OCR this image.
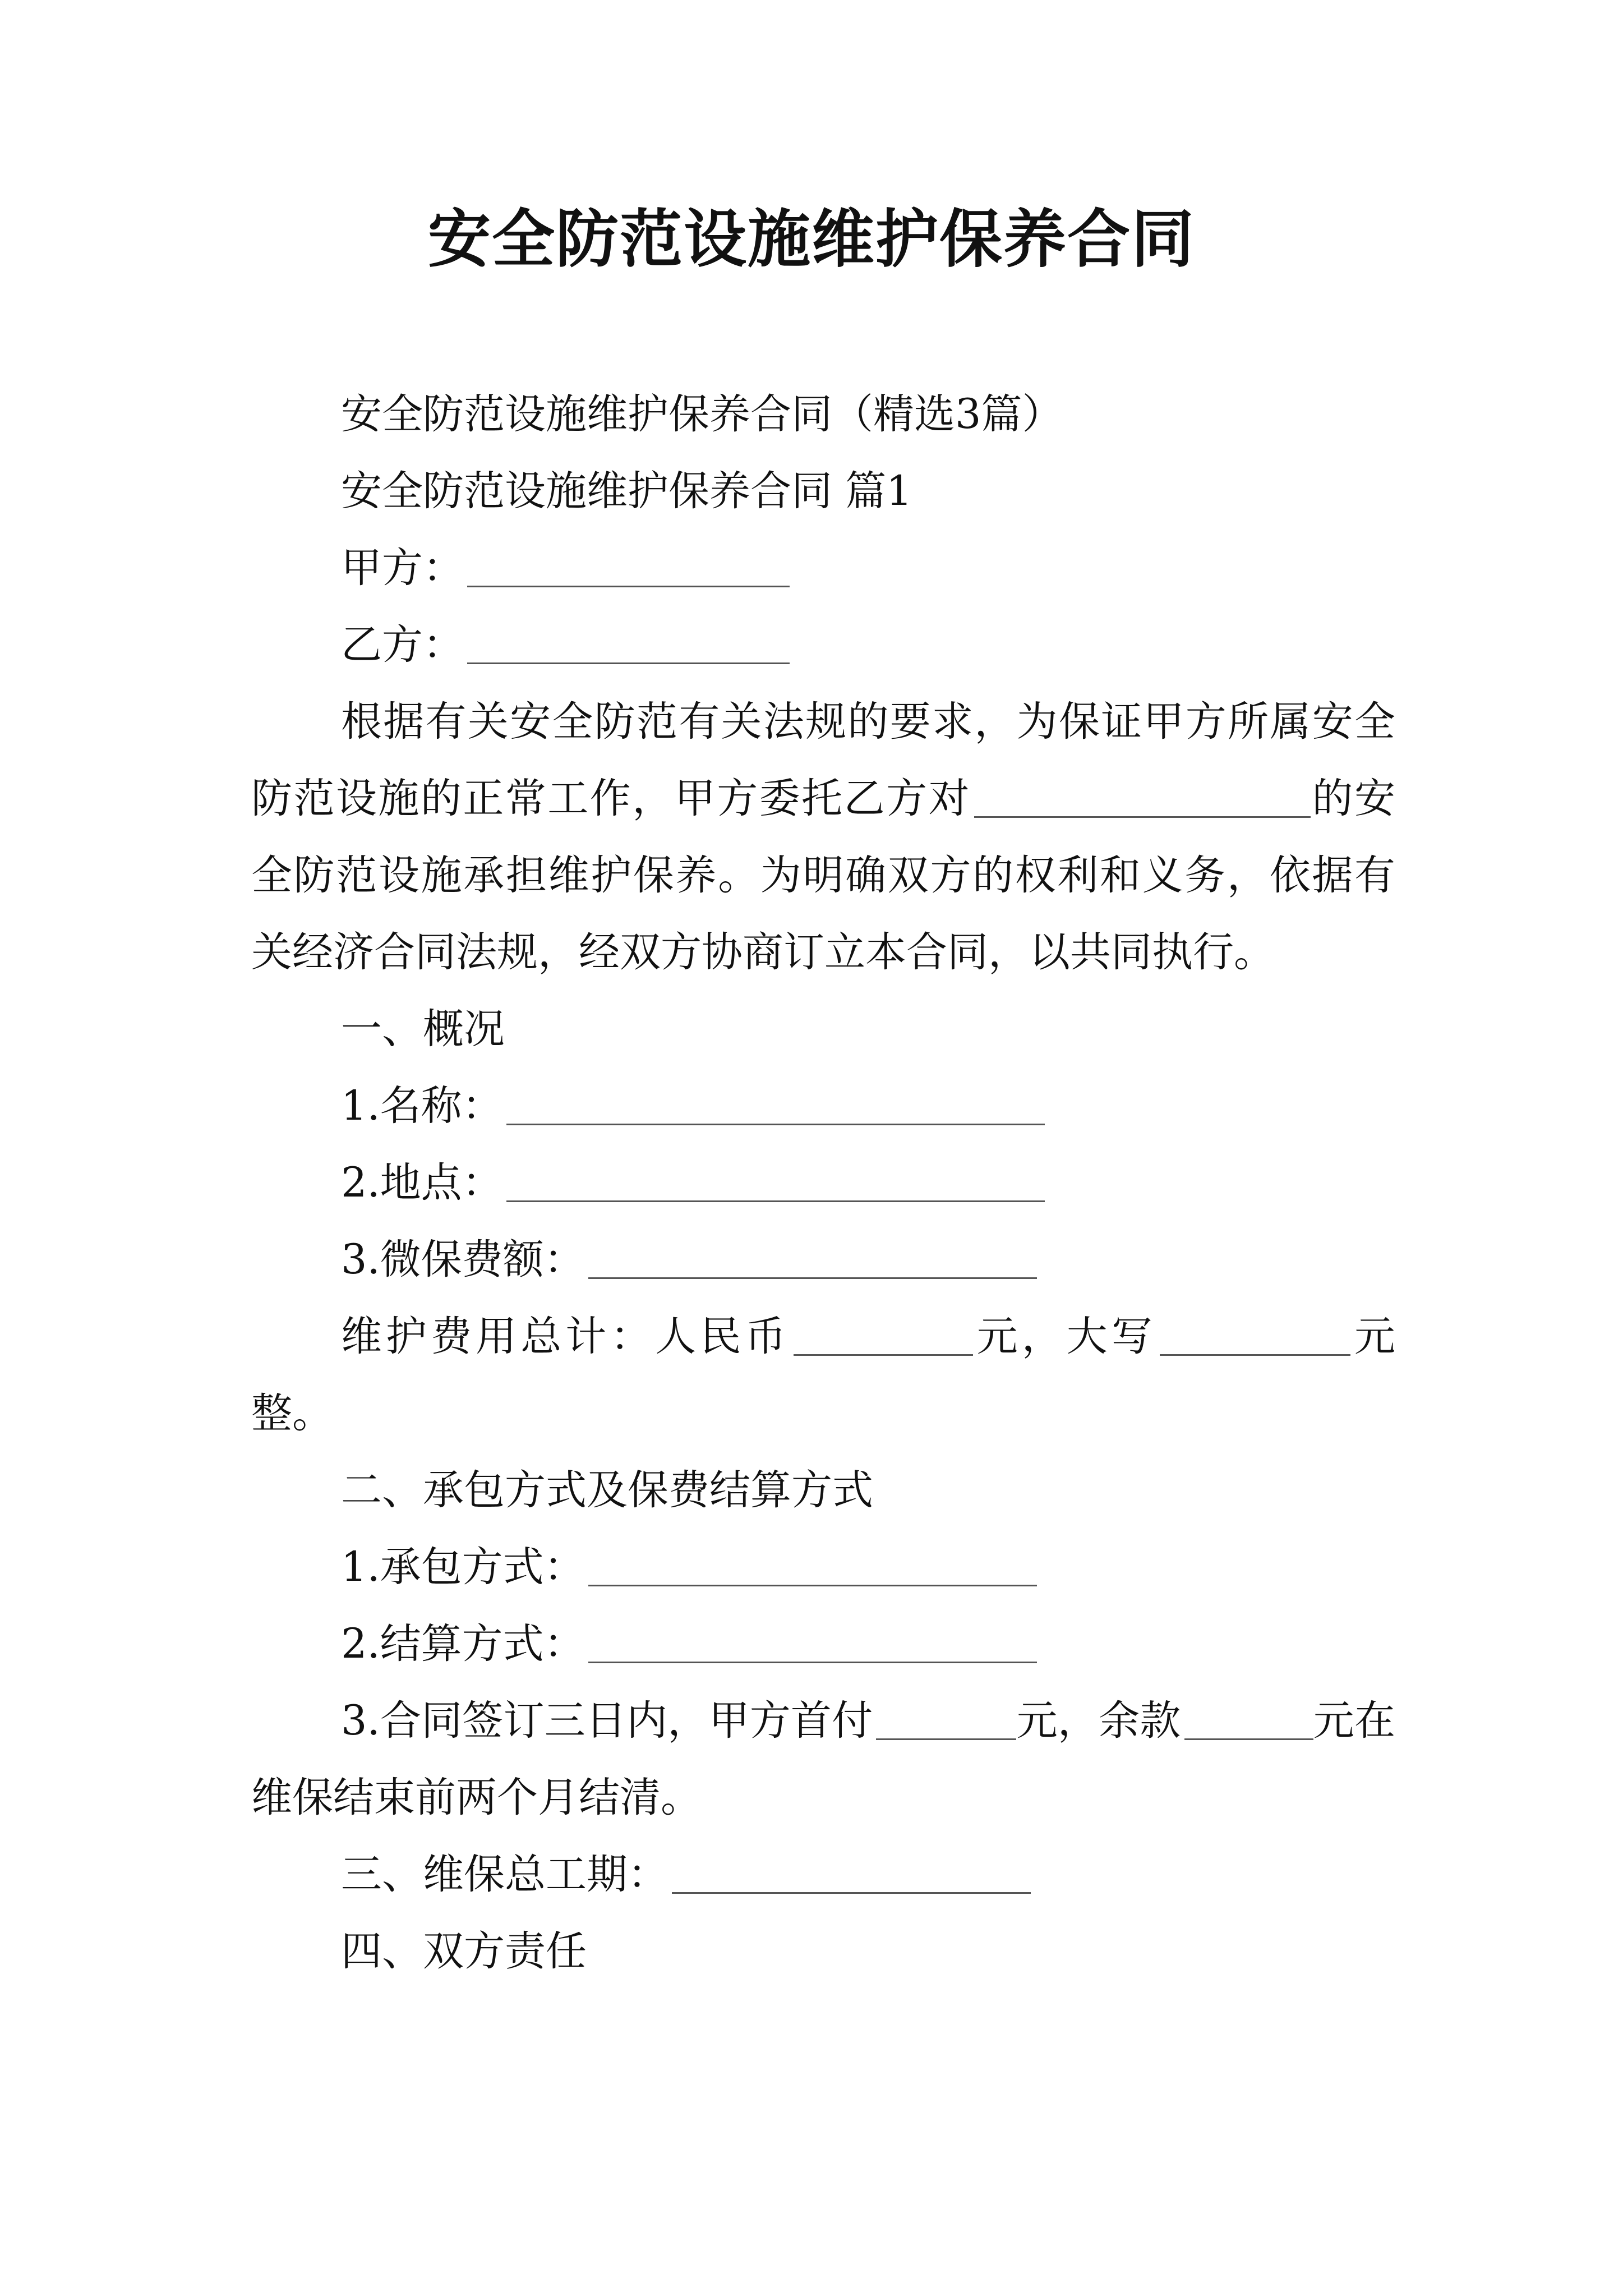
安全防范设施维护保养合同

安全防范设施维护保养合同（精选3篇）

安全防范设施维护保养合同 篇1

甲方：

乙方：

根据有关安全防范有关法规的要求，为保证甲方所属安全防范设施的正常工作，甲方委托乙方对	的安全防范设施承担维护保养。为明确双方的权利和义务，依据有关经济合同法规，经双方协商订立本合同，以共同执行。

一、概况

1.名称：

2.地点：

3.微保费额：

维护费用总计：人民币	元，大写	元整。

二、承包方式及保费结算方式

1.承包方式：

2.结算方式：

3.合同签订三日内，甲方首付	元，余款	元在维保结束前两个月结清。

三、维保总工期：

四、双方责任
